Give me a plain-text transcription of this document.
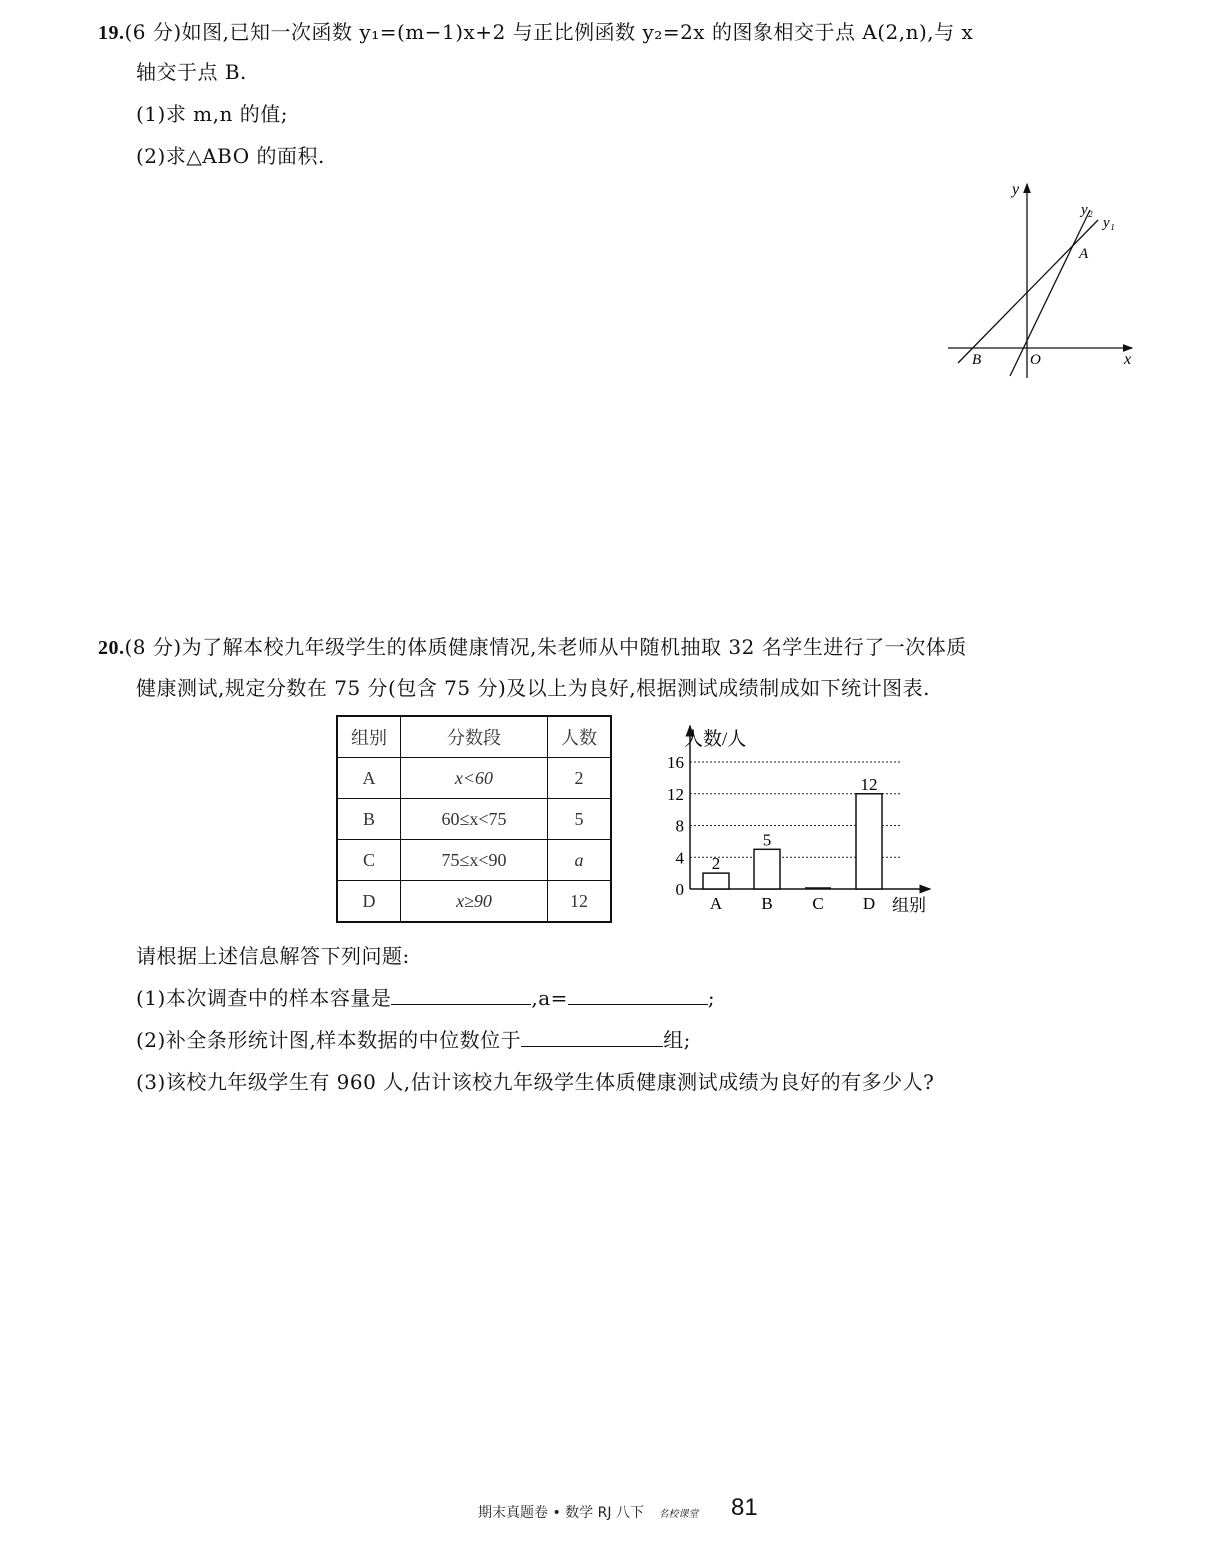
19.(6 分)如图,已知一次函数 y₁=(m−1)x+2 与正比例函数 y₂=2x 的图象相交于点 A(2,n),与 x
轴交于点 B.
(1)求 m,n 的值;
(2)求△ABO 的面积.
y
x
y₂
y₁
A
B	O
20.(8 分)为了解本校九年级学生的体质健康情况,朱老师从中随机抽取 32 名学生进行了一次体质
健康测试,规定分数在 75 分(包含 75 分)及以上为良好,根据测试成绩制成如下统计图表.
组别	分数段	人数
A	x<60	2
B	60≤x<75	5
C	75≤x<90	a
D	x≥90	12
人数/人
组别
0
4
8
12
16
A B C D
2
5
12
请根据上述信息解答下列问题:
(1)本次调查中的样本容量是	,a=	;
(2)补全条形统计图,样本数据的中位数位于	组;
(3)该校九年级学生有 960 人,估计该校九年级学生体质健康测试成绩为良好的有多少人?
期末真题卷 • 数学 RJ 八下 名校课堂 81
